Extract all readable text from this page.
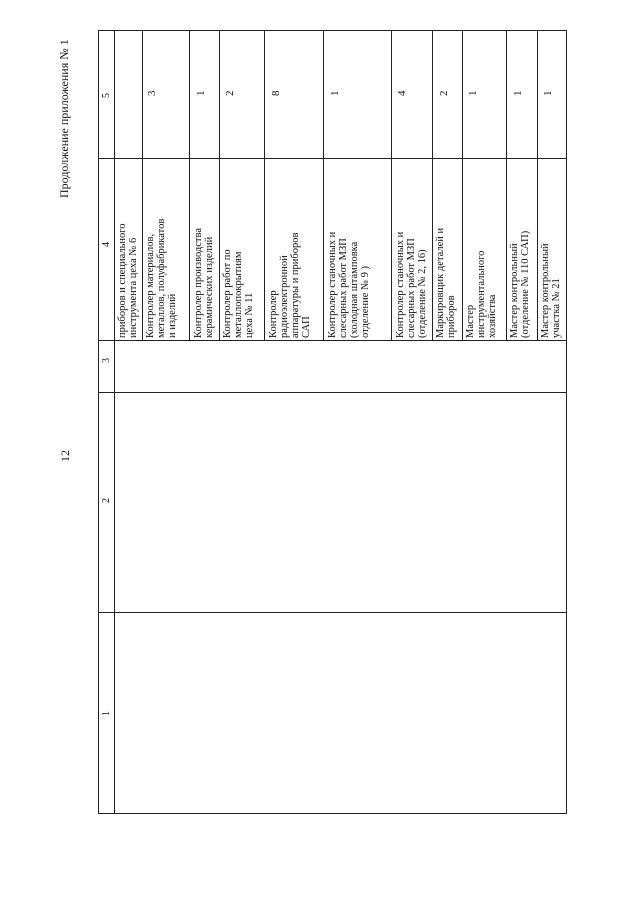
12
Продолжение приложения № 1	5
4
3
2
1
приборов и специального инструмента цеха № 6 Контролер материалов, металлов, полуфабрикатов и изделий
3
Контролер производства керамических изделий
1
Контролер работ по металлопокрытиям цеха № 11
2
Контролер радиоэлектронной аппаратуры и приборов САП
8
Контролер станочных и слесарных работ МЗП (холодная штамповка отделение № 9 )
1
Контролер станочных и слесарных работ МЗП (отделение № 2, 16)
4
Маркировщик деталей и приборов
2
Мастер инструментального хозяйства
1
Мастер контрольный (отделение № 110 САП)
1
Мастер контрольный участка № 21
1
